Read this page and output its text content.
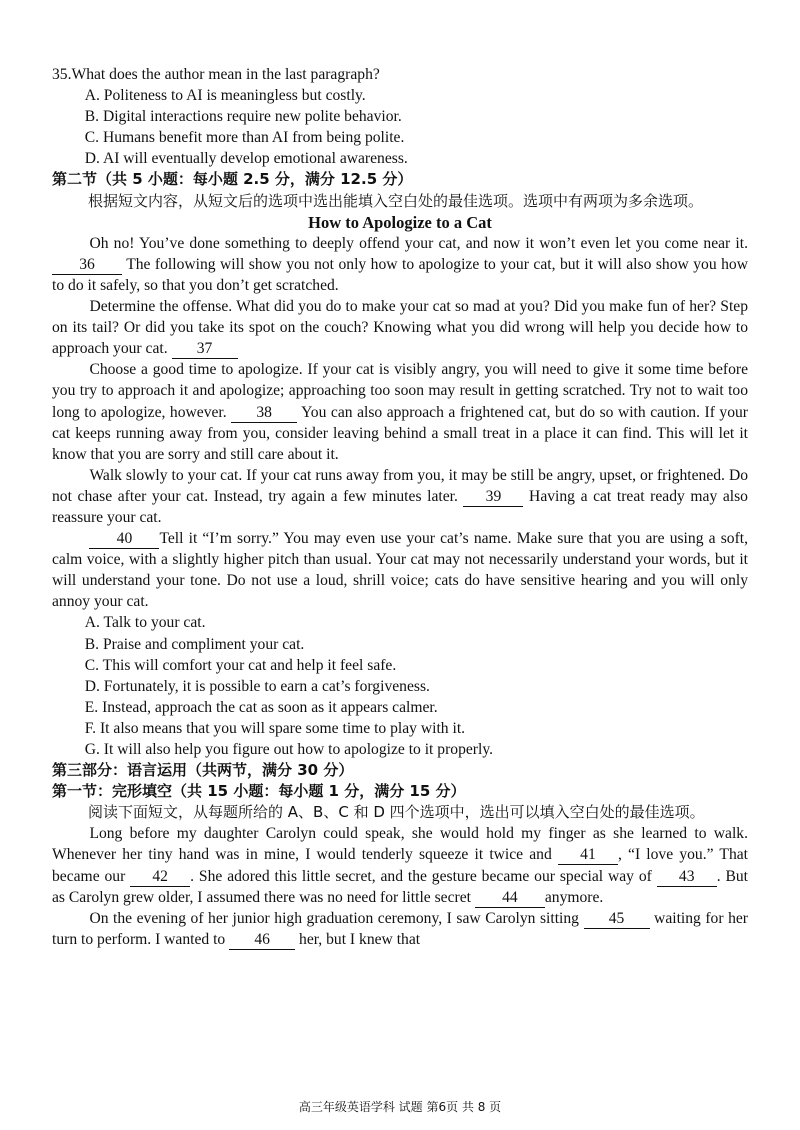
35.What does the author mean in the last paragraph?

A. Politeness to AI is meaningless but costly.

B. Digital interactions require new polite behavior.

C. Humans benefit more than AI from being polite.

D. AI will eventually develop emotional awareness.

第二节（共 5 小题：每小题 2.5 分，满分 12.5 分）

根据短文内容，从短文后的选项中选出能填入空白处的最佳选项。选项中有两项为多余选项。

How to Apologize to a Cat

Oh no! You’ve done something to deeply offend your cat, and now it won’t even let you come near it. 36 The following will show you not only how to apologize to your cat, but it will also show you how to do it safely, so that you don’t get scratched.

Determine the offense. What did you do to make your cat so mad at you? Did you make fun of her? Step on its tail? Or did you take its spot on the couch? Knowing what you did wrong will help you decide how to approach your cat. 37

Choose a good time to apologize. If your cat is visibly angry, you will need to give it some time before you try to approach it and apologize; approaching too soon may result in getting scratched. Try not to wait too long to apologize, however. 38 You can also approach a frightened cat, but do so with caution. If your cat keeps running away from you, consider leaving behind a small treat in a place it can find. This will let it know that you are sorry and still care about it.

Walk slowly to your cat. If your cat runs away from you, it may be still be angry, upset, or frightened. Do not chase after your cat. Instead, try again a few minutes later. 39 Having a cat treat ready may also reassure your cat.

40 Tell it “I’m sorry.” You may even use your cat’s name. Make sure that you are using a soft, calm voice, with a slightly higher pitch than usual. Your cat may not necessarily understand your words, but it will understand your tone. Do not use a loud, shrill voice; cats do have sensitive hearing and you will only annoy your cat.

A. Talk to your cat.

B. Praise and compliment your cat.

C. This will comfort your cat and help it feel safe.

D. Fortunately, it is possible to earn a cat’s forgiveness.

E. Instead, approach the cat as soon as it appears calmer.

F. It also means that you will spare some time to play with it.

G. It will also help you figure out how to apologize to it properly.

第三部分：语言运用（共两节，满分 30 分）

第一节：完形填空（共 15 小题：每小题 1 分，满分 15 分）

阅读下面短文，从每题所给的 A、B、C 和 D 四个选项中，选出可以填入空白处的最佳选项。

Long before my daughter Carolyn could speak, she would hold my finger as she learned to walk. Whenever her tiny hand was in mine, I would tenderly squeeze it twice and 41 , “I love you.” That became our 42 . She adored this little secret, and the gesture became our special way of 43 . But as Carolyn grew older, I assumed there was no need for little secret 44 anymore.

On the evening of her junior high graduation ceremony, I saw Carolyn sitting 45 waiting for her turn to perform. I wanted to 46 her, but I knew that

高三年级英语学科 试题 第6页 共 8 页
